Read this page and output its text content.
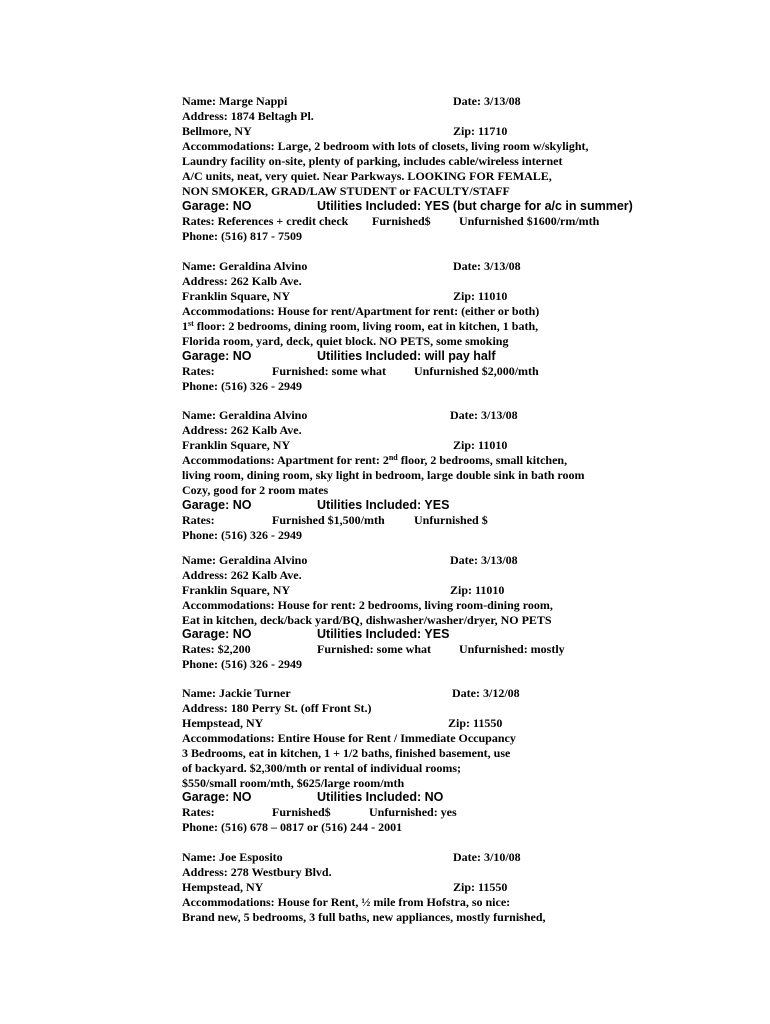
Name: Marge Nappi	Date: 3/13/08
Address: 1874 Beltagh Pl.
Bellmore, NY	Zip: 11710
Accommodations: Large, 2 bedroom with lots of closets, living room w/skylight,
Laundry facility on-site, plenty of parking, includes cable/wireless internet
A/C units, neat, very quiet. Near Parkways. LOOKING FOR FEMALE,
NON SMOKER, GRAD/LAW STUDENT or FACULTY/STAFF
Garage: NO	Utilities Included: YES (but charge for a/c in summer)
Rates: References + credit check Furnished$ Unfurnished $1600/rm/mth
Phone: (516) 817 - 7509
Name: Geraldina Alvino	Date: 3/13/08
Address: 262 Kalb Ave.
Franklin Square, NY	Zip: 11010
Accommodations: House for rent/Apartment for rent: (either or both)
1st floor: 2 bedrooms, dining room, living room, eat in kitchen, 1 bath,
Florida room, yard, deck, quiet block. NO PETS, some smoking
Garage: NO	Utilities Included: will pay half
Rates:	Furnished: some what Unfurnished $2,000/mth
Phone: (516) 326 - 2949
Name: Geraldina Alvino	Date: 3/13/08
Address: 262 Kalb Ave.
Franklin Square, NY	Zip: 11010
Accommodations: Apartment for rent: 2nd floor, 2 bedrooms, small kitchen,
living room, dining room, sky light in bedroom, large double sink in bath room
Cozy, good for 2 room mates
Garage: NO	Utilities Included: YES
Rates:	Furnished $1,500/mth Unfurnished $
Phone: (516) 326 - 2949
Name: Geraldina Alvino	Date: 3/13/08
Address: 262 Kalb Ave.
Franklin Square, NY	Zip: 11010
Accommodations: House for rent: 2 bedrooms, living room-dining room,
Eat in kitchen, deck/back yard/BQ, dishwasher/washer/dryer, NO PETS
Garage: NO	Utilities Included: YES
Rates: $2,200	Furnished: some what Unfurnished: mostly
Phone: (516) 326 - 2949
Name: Jackie Turner	Date: 3/12/08
Address: 180 Perry St. (off Front St.)
Hempstead, NY	Zip: 11550
Accommodations: Entire House for Rent / Immediate Occupancy
3 Bedrooms, eat in kitchen, 1 + 1/2 baths, finished basement, use
of backyard. $2,300/mth or rental of individual rooms;
$550/small room/mth, $625/large room/mth
Garage: NO	Utilities Included: NO
Rates:	Furnished$	Unfurnished: yes
Phone: (516) 678 – 0817 or (516) 244 - 2001
Name: Joe Esposito	Date: 3/10/08
Address: 278 Westbury Blvd.
Hempstead, NY	Zip: 11550
Accommodations: House for Rent, ½ mile from Hofstra, so nice:
Brand new, 5 bedrooms, 3 full baths, new appliances, mostly furnished,
